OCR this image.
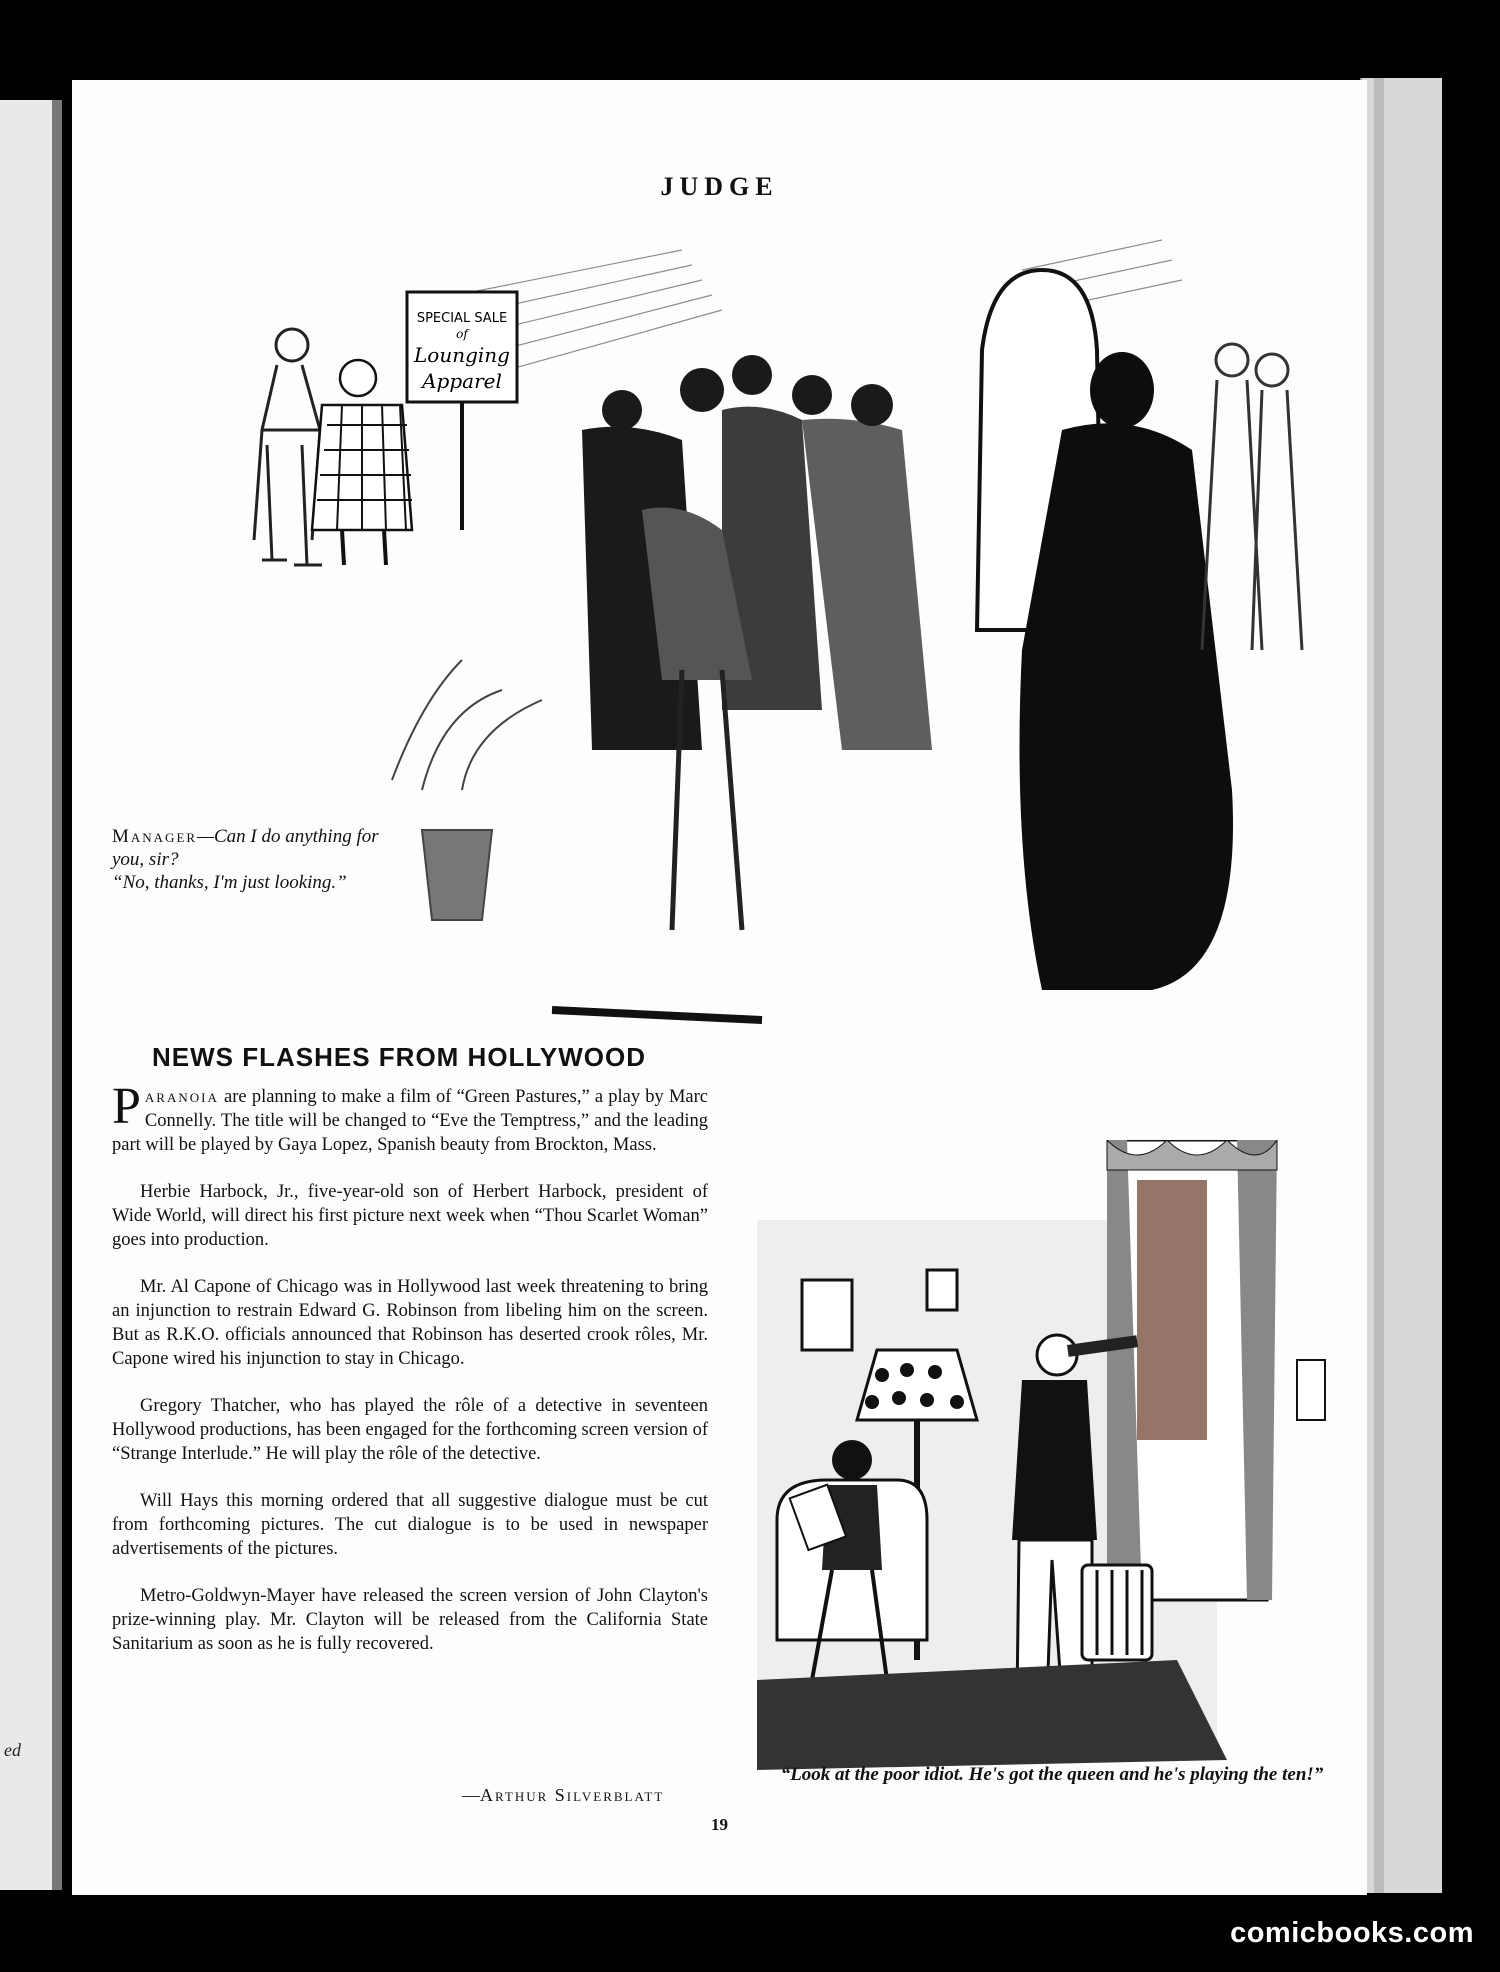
ed
JUDGE
SPECIAL SALE
of
Lounging
Apparel
Manager—Can I do anything for you, sir?
“No, thanks, I'm just looking.”
NEWS FLASHES FROM HOLLYWOOD

Paranoia are planning to make a film of “Green Pastures,” a play by Marc Connelly. The title will be changed to “Eve the Temptress,” and the leading part will be played by Gaya Lopez, Spanish beauty from Brockton, Mass.

Herbie Harbock, Jr., five-year-old son of Herbert Harbock, president of Wide World, will direct his first picture next week when “Thou Scarlet Woman” goes into production.

Mr. Al Capone of Chicago was in Hollywood last week threatening to bring an injunction to restrain Edward G. Robinson from libeling him on the screen. But as R.K.O. officials announced that Robinson has deserted crook rôles, Mr. Capone wired his injunction to stay in Chicago.

Gregory Thatcher, who has played the rôle of a detective in seventeen Hollywood productions, has been engaged for the forthcoming screen version of “Strange Interlude.” He will play the rôle of the detective.

Will Hays this morning ordered that all suggestive dialogue must be cut from forthcoming pictures. The cut dialogue is to be used in newspaper advertisements of the pictures.

Metro-Goldwyn-Mayer have released the screen version of John Clayton's prize-winning play. Mr. Clayton will be released from the California State Sanitarium as soon as he is fully recovered.

—Arthur Silverblatt
“Look at the poor idiot. He's got the queen and he's playing the ten!”
19
comicbooks.com
